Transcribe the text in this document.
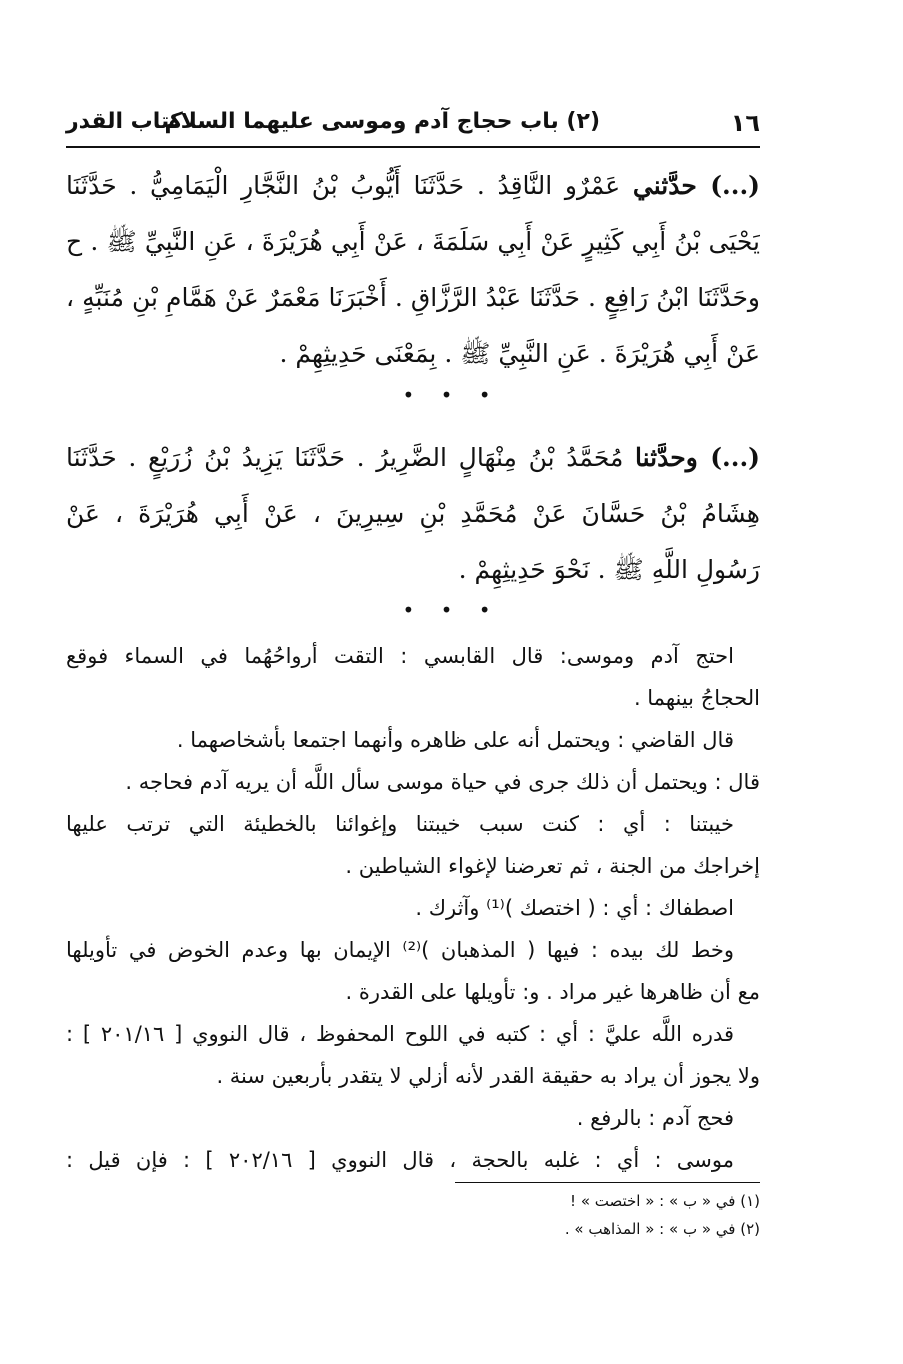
١٦
(٢) باب حجاج آدم وموسى عليهما السلام
كتاب القدر
(...) حدَّثني عَمْرٌو النَّاقِدُ . حَدَّثَنَا أَيُّوبُ بْنُ النَّجَّارِ الْيَمَامِيُّ . حَدَّثَنَا
يَحْيَى بْنُ أَبِي كَثِيرٍ عَنْ أَبِي سَلَمَةَ ، عَنْ أَبِي هُرَيْرَةَ ، عَنِ النَّبِيِّ ﷺ . ح
وحَدَّثَنَا ابْنُ رَافِعٍ . حَدَّثَنَا عَبْدُ الرَّزَّاقِ . أَخْبَرَنَا مَعْمَرٌ عَنْ هَمَّامِ بْنِ مُنَبِّهٍ ،
عَنْ أَبِي هُرَيْرَةَ . عَنِ النَّبِيِّ ﷺ . بِمَعْنَى حَدِيثِهِمْ .
• • •
(...) وحدَّثنا مُحَمَّدُ بْنُ مِنْهَالٍ الضَّرِيرُ . حَدَّثَنَا يَزِيدُ بْنُ زُرَيْعٍ . حَدَّثَنَا
هِشَامُ بْنُ حَسَّانَ عَنْ مُحَمَّدِ بْنِ سِيرِينَ ، عَنْ أَبِي هُرَيْرَةَ ، عَنْ
رَسُولِ اللَّهِ ﷺ . نَحْوَ حَدِيثِهِمْ .
• • •
احتج آدم وموسى: قال القابسي : التقت أرواحُهُما في السماء فوقع
الحجاجُ بينهما .
قال القاضي : ويحتمل أنه على ظاهره وأنهما اجتمعا بأشخاصهما .
قال : ويحتمل أن ذلك جرى في حياة موسى سأل اللَّه أن يريه آدم فحاجه .
خيبتنا : أي : كنت سبب خيبتنا وإغوائنا بالخطيئة التي ترتب عليها
إخراجك من الجنة ، ثم تعرضنا لإغواء الشياطين .
اصطفاك : أي : ( اختصك )⁽¹⁾ وآثرك .
وخط لك بيده : فيها ( المذهبان )⁽²⁾ الإيمان بها وعدم الخوض في تأويلها
مع أن ظاهرها غير مراد . و: تأويلها على القدرة .
قدره اللَّه عليَّ : أي : كتبه في اللوح المحفوظ ، قال النووي [ ٢٠١/١٦ ] :
ولا يجوز أن يراد به حقيقة القدر لأنه أزلي لا يتقدر بأربعين سنة .
فحج آدم : بالرفع .
موسى : أي : غلبه بالحجة ، قال النووي [ ٢٠٢/١٦ ] : فإن قيل :
(١) في « ب » : « اختصت » !
(٢) في « ب » : « المذاهب » .
